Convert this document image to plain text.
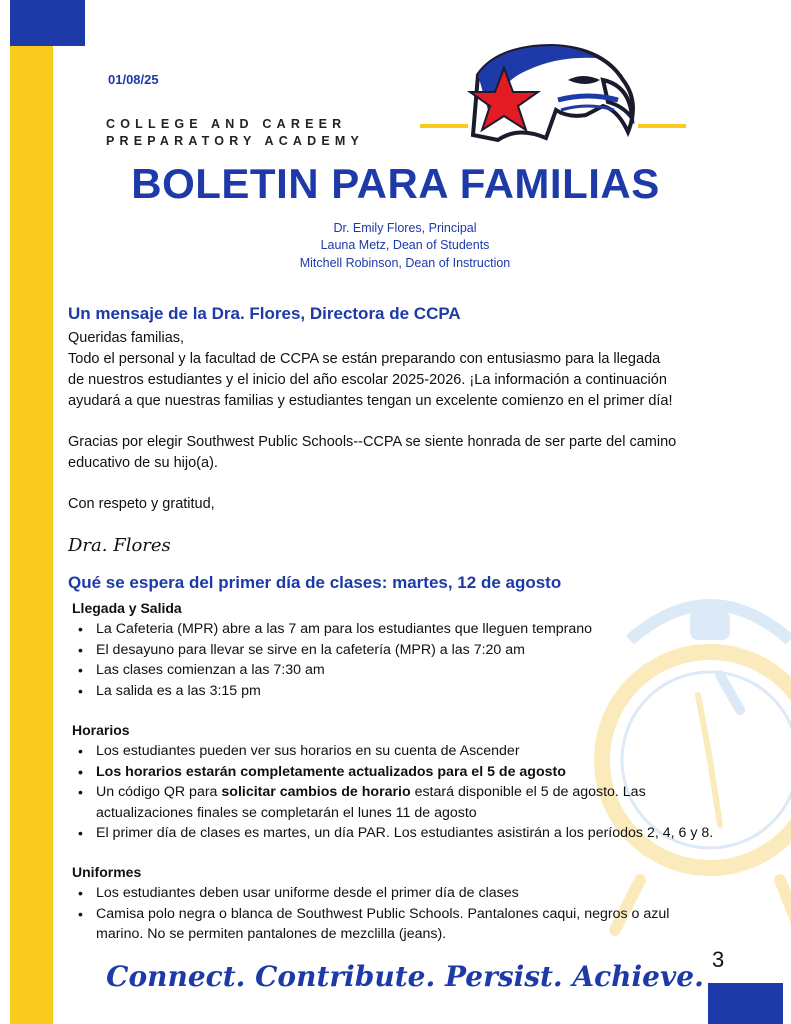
01/08/25
COLLEGE AND CAREER
PREPARATORY ACADEMY
BOLETIN PARA FAMILIAS
Dr. Emily Flores, Principal
Launa Metz, Dean of Students
Mitchell Robinson, Dean of Instruction
Un mensaje de la Dra. Flores, Directora de CCPA
Queridas familias,
Todo el personal y la facultad de CCPA se están preparando con entusiasmo para la llegada
de nuestros estudiantes y el inicio del año escolar 2025-2026. ¡La información a continuación
ayudará a que nuestras familias y estudiantes tengan un excelente comienzo en el primer día!
Gracias por elegir Southwest Public Schools--CCPA se siente honrada de ser parte del camino
educativo de su hijo(a).
Con respeto y gratitud,
Dra. Flores
Qué se espera del primer día de clases: martes, 12 de agosto
Llegada y Salida
• La Cafeteria (MPR) abre a las 7 am para los estudiantes que lleguen temprano
• El desayuno para llevar se sirve en la cafetería (MPR) a las 7:20 am
• Las clases comienzan a las 7:30 am
• La salida es a las 3:15 pm
Horarios
• Los estudiantes pueden ver sus horarios en su cuenta de Ascender
• Los horarios estarán completamente actualizados para el 5 de agosto
• Un código QR para solicitar cambios de horario estará disponible el 5 de agosto. Las
actualizaciones finales se completarán el lunes 11 de agosto
• El primer día de clases es martes, un día PAR. Los estudiantes asistirán a los períodos 2, 4, 6 y 8.
Uniformes
• Los estudiantes deben usar uniforme desde el primer día de clases
• Camisa polo negra o blanca de Southwest Public Schools. Pantalones caqui, negros o azul
marino. No se permiten pantalones de mezclilla (jeans).
3
Connect. Contribute. Persist. Achieve.
